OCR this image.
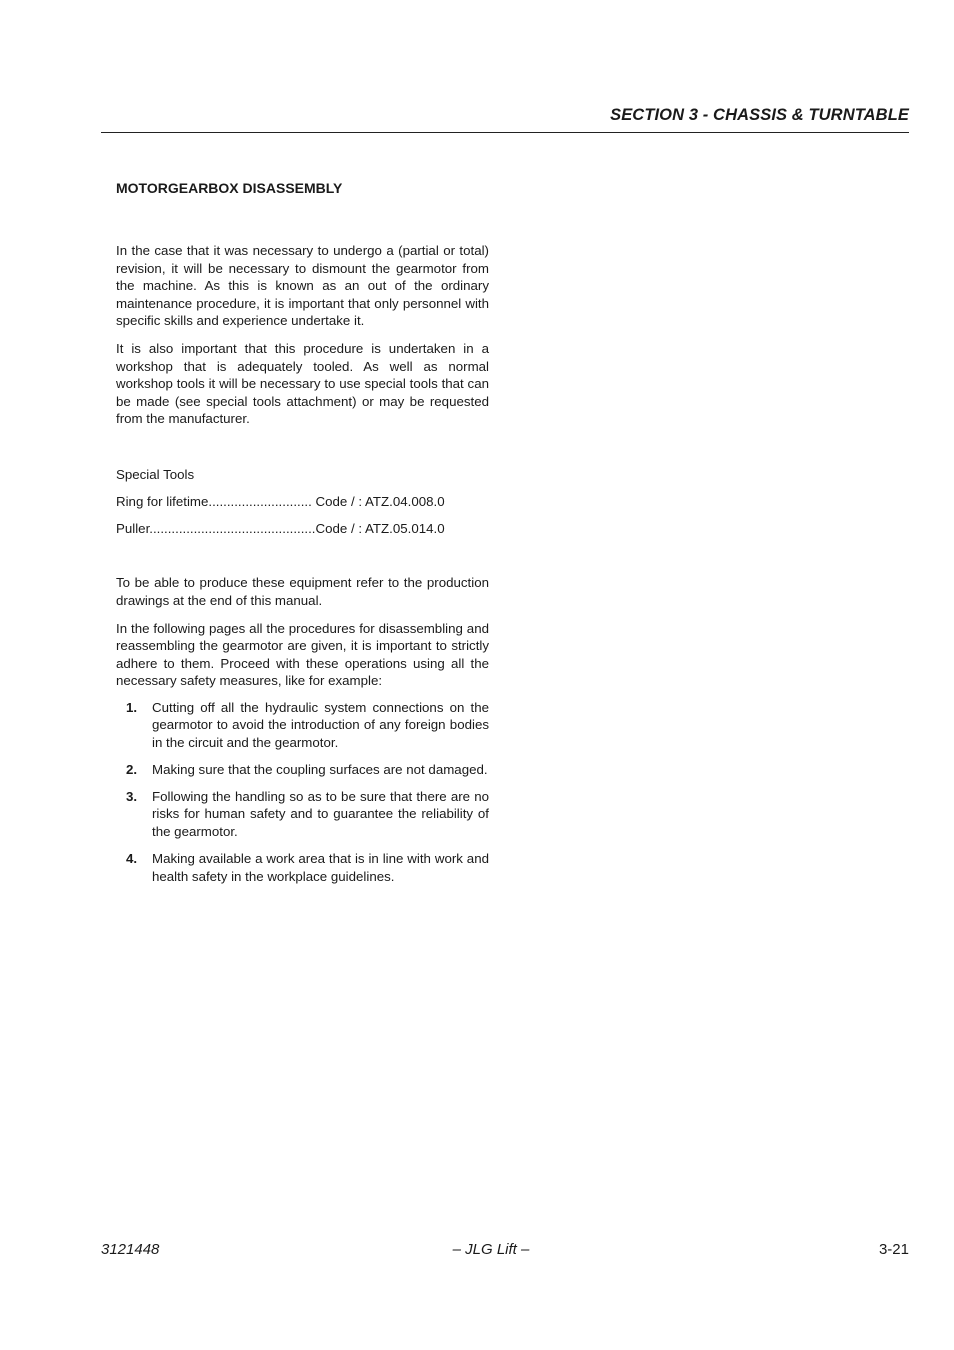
SECTION 3 - CHASSIS & TURNTABLE
MOTORGEARBOX DISASSEMBLY

In the case that it was necessary to undergo a (partial or total) revision, it will be necessary to dismount the gearmotor from the machine. As this is known as an out of the ordinary maintenance procedure, it is important that only personnel with specific skills and experience undertake it.

It is also important that this procedure is undertaken in a workshop that is adequately tooled. As well as normal workshop tools it will be necessary to use special tools that can be made (see special tools attachment) or may be requested from the manufacturer.

Special Tools
Ring for lifetime............................ Code / : ATZ.04.008.0
Puller.............................................Code / : ATZ.05.014.0

To be able to produce these equipment refer to the production drawings at the end of this manual.

In the following pages all the procedures for disassembling and reassembling the gearmotor are given, it is important to strictly adhere to them. Proceed with these operations using all the necessary safety measures, like for example:

1. Cutting off all the hydraulic system connections on the gearmotor to avoid the introduction of any foreign bodies in the circuit and the gearmotor.
2. Making sure that the coupling surfaces are not damaged.
3. Following the handling so as to be sure that there are no risks for human safety and to guarantee the reliability of the gearmotor.
4. Making available a work area that is in line with work and health safety in the workplace guidelines.
3121448	– JLG Lift –	3-21
